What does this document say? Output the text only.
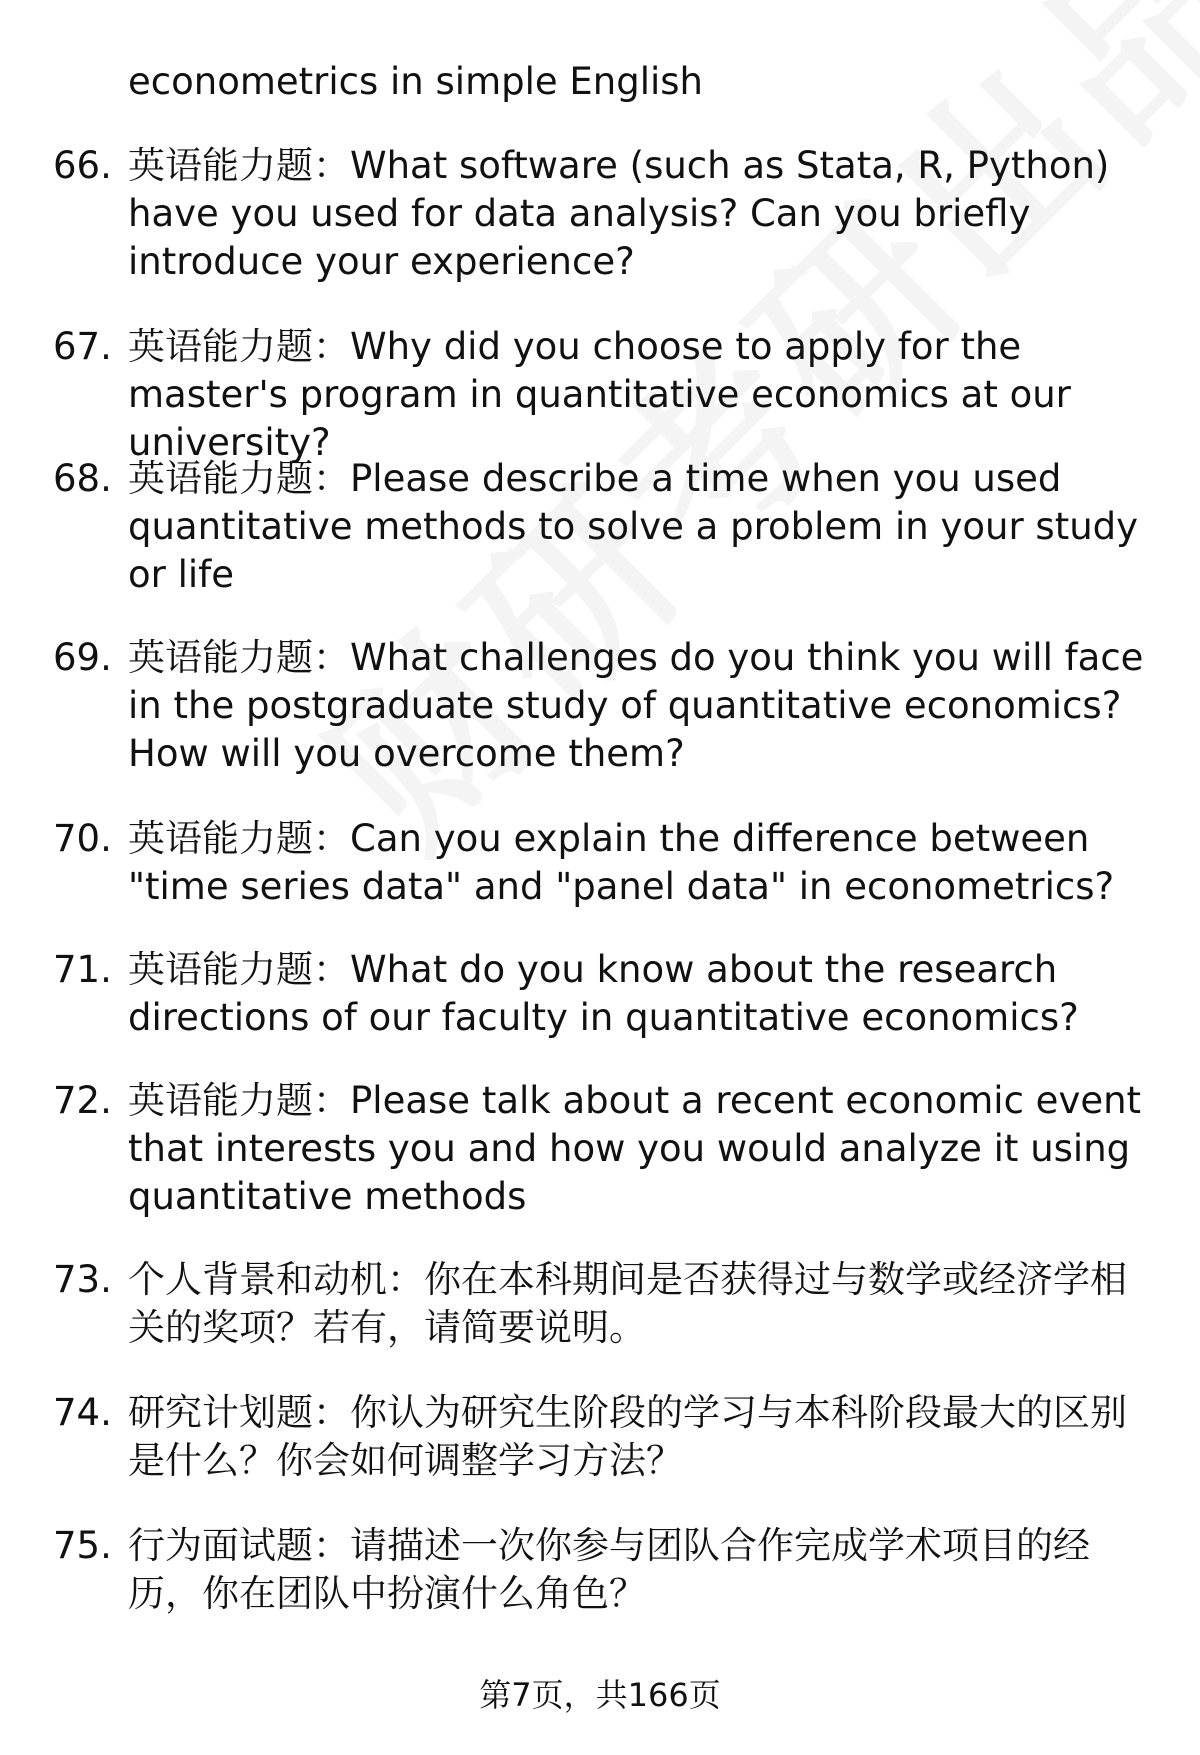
econometrics in simple English
66. 英语能力题：What software (such as Stata, R, Python) have you used for data analysis? Can you briefly introduce your experience?
67. 英语能力题：Why did you choose to apply for the master's program in quantitative economics at our university?
68. 英语能力题：Please describe a time when you used quantitative methods to solve a problem in your study or life
69. 英语能力题：What challenges do you think you will face in the postgraduate study of quantitative economics? How will you overcome them?
70. 英语能力题：Can you explain the difference between "time series data" and "panel data" in econometrics?
71. 英语能力题：What do you know about the research directions of our faculty in quantitative economics?
72. 英语能力题：Please talk about a recent economic event that interests you and how you would analyze it using quantitative methods
73. 个人背景和动机：你在本科期间是否获得过与数学或经济学相关的奖项？若有，请简要说明。
74. 研究计划题：你认为研究生阶段的学习与本科阶段最大的区别是什么？你会如何调整学习方法？
75. 行为面试题：请描述一次你参与团队合作完成学术项目的经历，你在团队中扮演什么角色？
第7页，共166页
